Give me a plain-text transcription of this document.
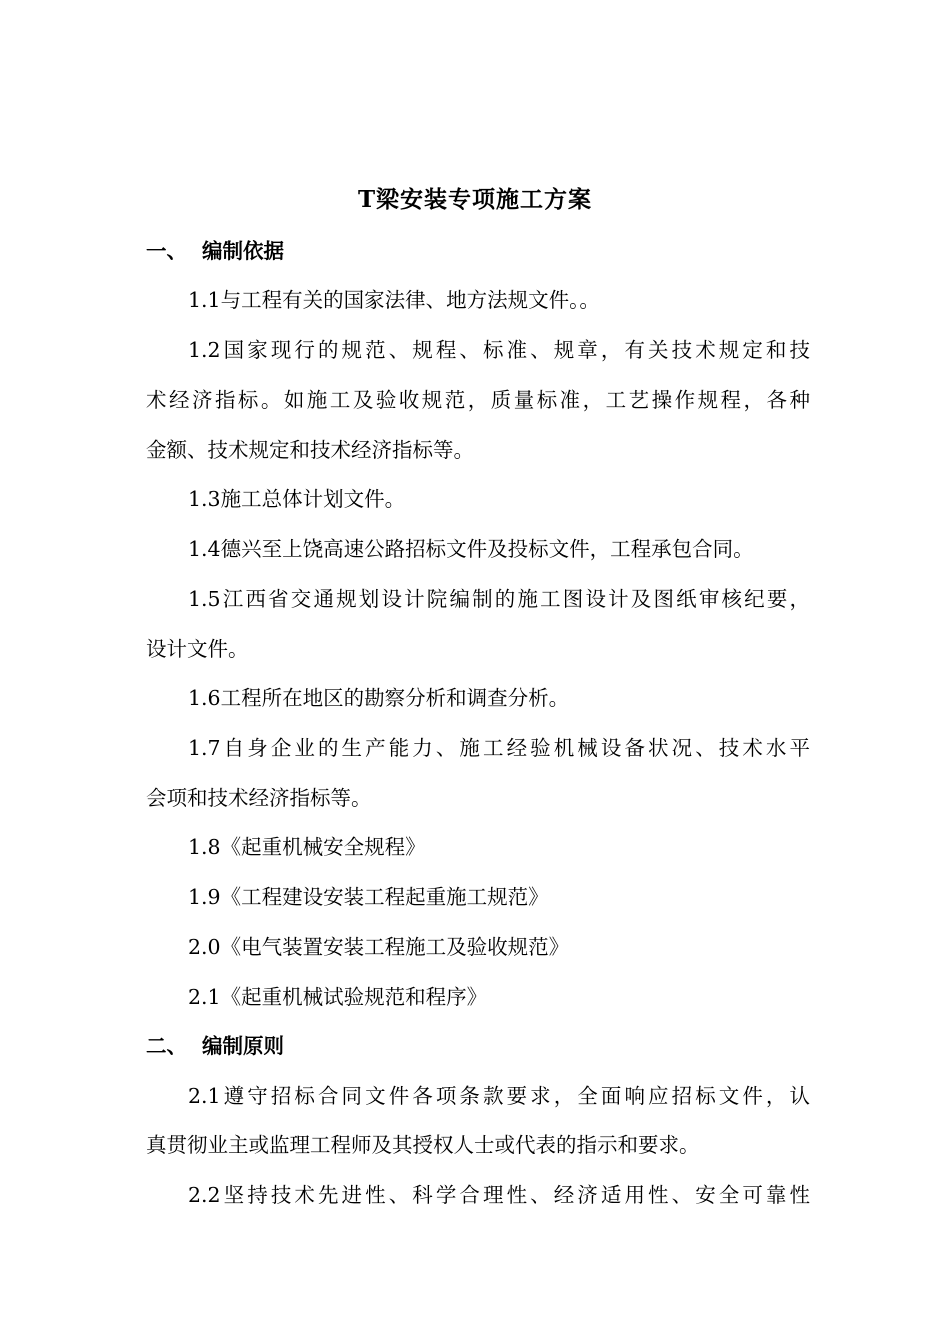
T梁安装专项施工方案
一、 编制依据
1.1与工程有关的国家法律、地方法规文件。。
1.2国家现行的规范、规程、标准、规章，有关技术规定和技
术经济指标。如施工及验收规范，质量标准，工艺操作规程，各种
金额、技术规定和技术经济指标等。
1.3施工总体计划文件。
1.4德兴至上饶高速公路招标文件及投标文件，工程承包合同。
1.5江西省交通规划设计院编制的施工图设计及图纸审核纪要，
设计文件。
1.6工程所在地区的勘察分析和调查分析。
1.7自身企业的生产能力、施工经验机械设备状况、技术水平
会项和技术经济指标等。
1.8《起重机械安全规程》
1.9《工程建设安装工程起重施工规范》
2.0《电气装置安装工程施工及验收规范》
2.1《起重机械试验规范和程序》
二、 编制原则
2.1遵守招标合同文件各项条款要求，全面响应招标文件，认
真贯彻业主或监理工程师及其授权人士或代表的指示和要求。
2.2坚持技术先进性、科学合理性、经济适用性、安全可靠性
